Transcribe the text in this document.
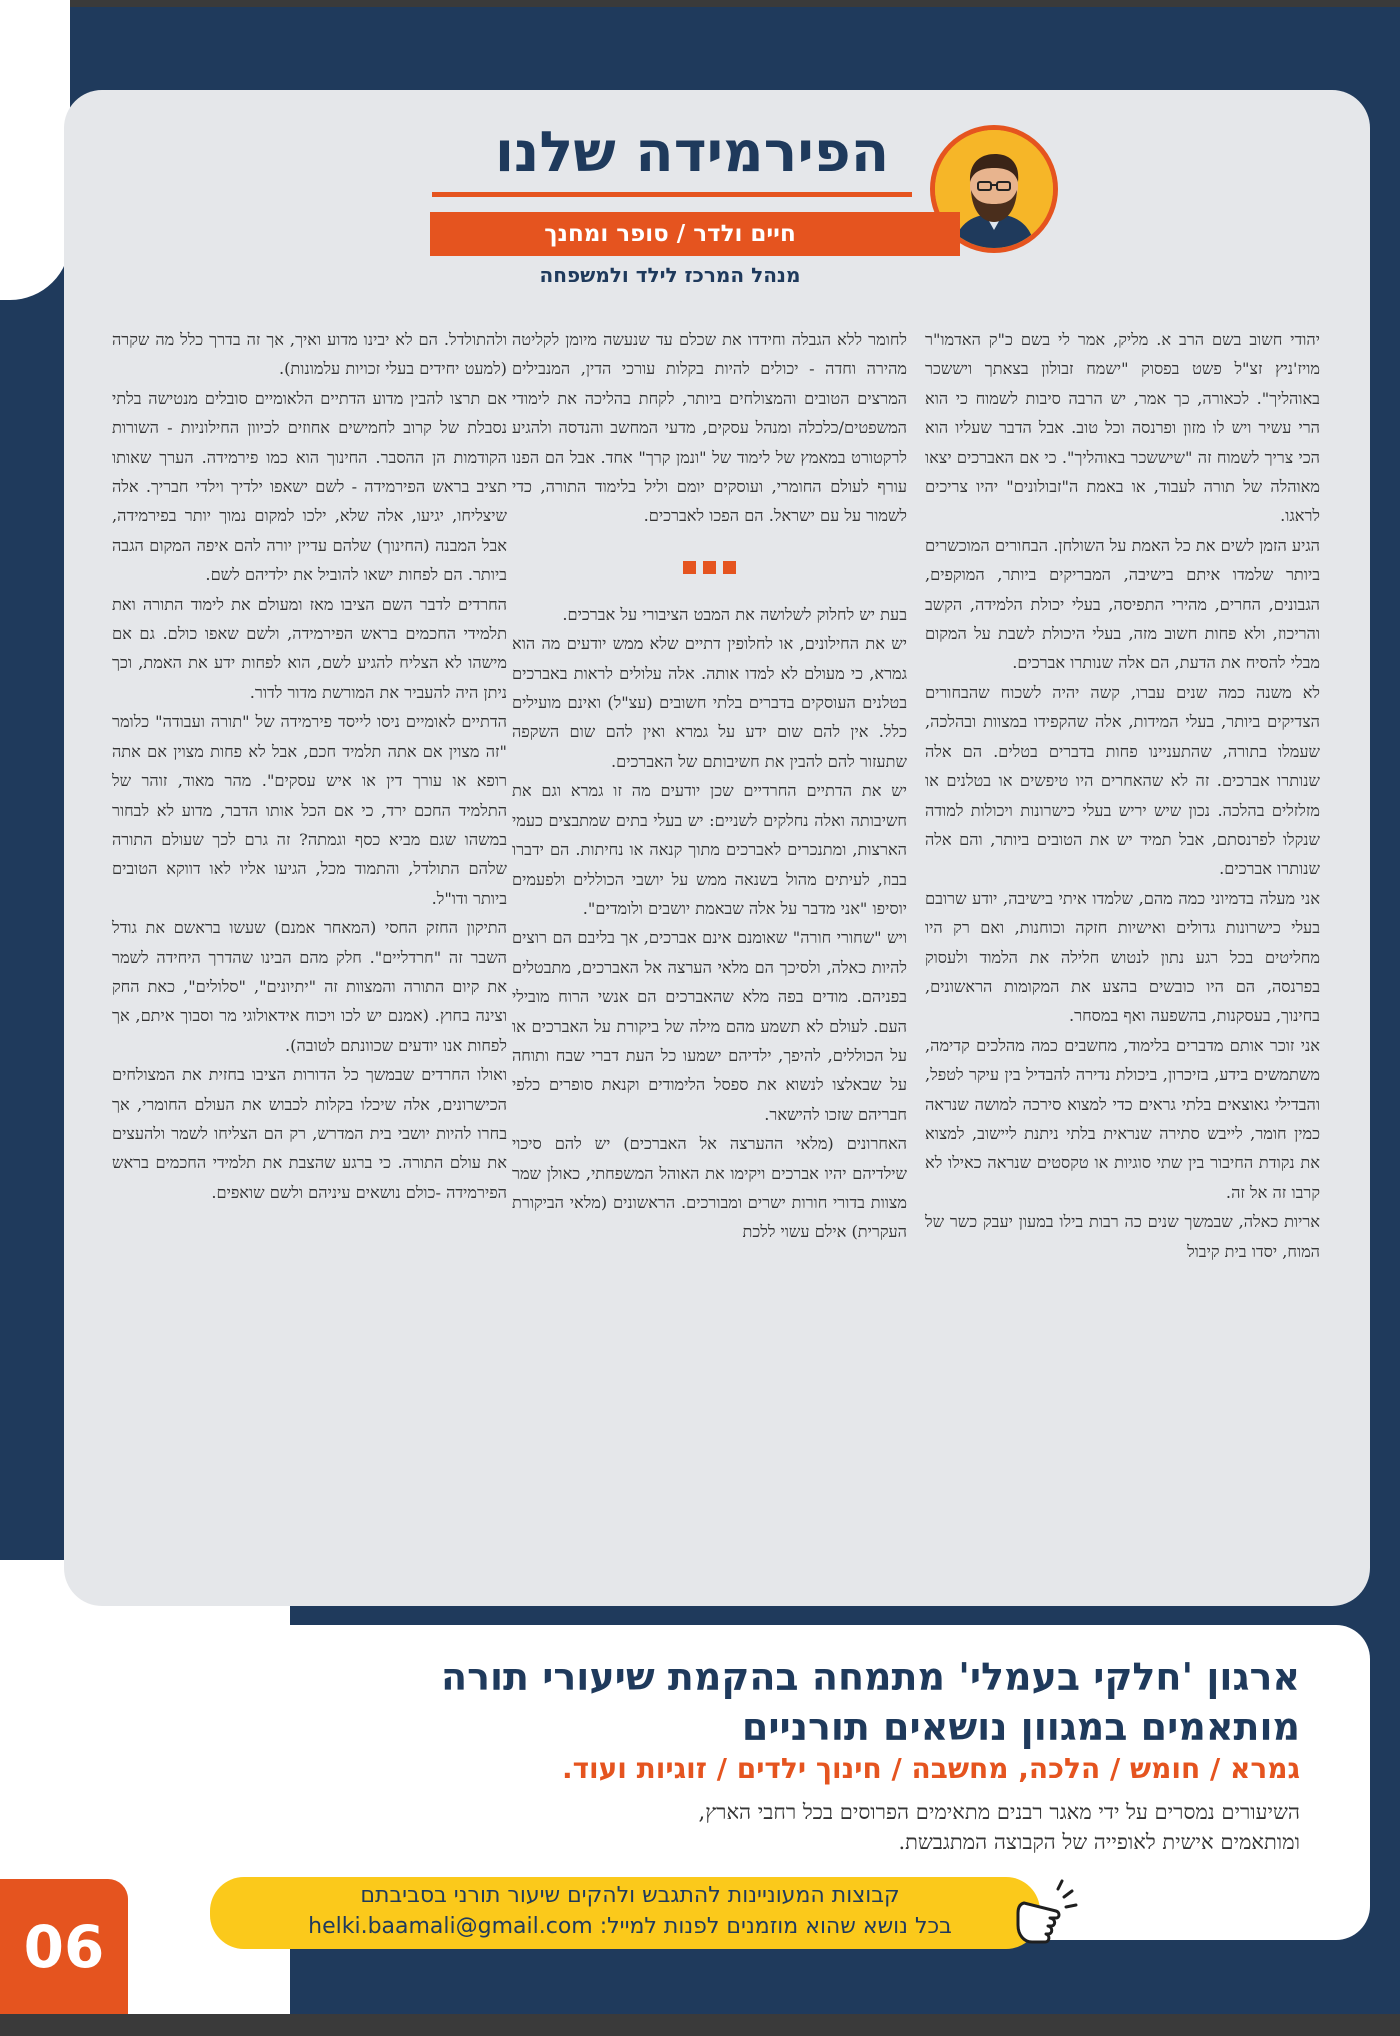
הפירמידה שלנו
חיים ולדר / סופר ומחנך
מנהל המרכז לילד ולמשפחה

יהודי חשוב בשם הרב א. מליק, אמר לי בשם כ"ק האדמו"ר מויז'ניץ זצ"ל פשט בפסוק "ישמח זבולון בצאתך ויששכר באוהליך". לכאורה, כך אמר, יש הרבה סיבות לשמוח כי הוא הרי עשיר ויש לו מזון ופרנסה וכל טוב. אבל הדבר שעליו הוא הכי צריך לשמוח זה "שיששכר באוהליך". כי אם האברכים יצאו מאוהלה של תורה לעבוד, או באמת ה"זבולונים" יהיו צריכים לראגו.

הגיע הזמן לשים את כל האמת על השולחן. הבחורים המוכשרים ביותר שלמדו איתם בישיבה, המבריקים ביותר, המוקפים, הגבונים, החרים, מהירי התפיסה, בעלי יכולת הלמידה, הקשב והריכוז, ולא פחות חשוב מזה, בעלי היכולת לשבת על המקום מבלי להסיח את הדעת, הם אלה שנותרו אברכים.

לא משנה כמה שנים עברו, קשה יהיה לשכוח שהבחורים הצדיקים ביותר, בעלי המידות, אלה שהקפידו במצוות ובהלכה, שעמלו בתורה, שהתעניינו פחות בדברים בטלים. הם אלה שנותרו אברכים. זה לא שהאחרים היו טיפשים או בטלנים או מזלזלים בהלכה. נכון שיש יריש בעלי כישרונות ויכולות למודה שנקלו לפרנסתם, אבל תמיד יש את הטובים ביותר, והם אלה שנותרו אברכים.

אני מעלה בדמיוני כמה מהם, שלמדו איתי בישיבה, יודע שרובם בעלי כישרונות גדולים ואישיות חזקה וכוחנות, ואם רק היו מחליטים בכל רגע נתון לנטוש חלילה את הלמוד ולעסוק בפרנסה, הם היו כובשים בהצע את המקומות הראשונים, בחינוך, בעסקנות, בהשפעה ואף במסחר.

אני זוכר אותם מדברים בלימוד, מחשבים כמה מהלכים קדימה, משתמשים בידע, בזיכרון, ביכולת נדירה להבדיל בין עיקר לטפל, והבדילי גאוצאים בלתי גראים כדי למצוא סירכה למושה שנראה כמין חומר, לייבש סתירה שנראית בלתי ניתנת ליישוב, למצוא את נקודת החיבור בין שתי סוגיות או טקסטים שנראה כאילו לא קרבו זה אל זה.

אריות כאלה, שבמשך שנים כה רבות בילו במעון יעבק כשר של המוח, יסדו בית קיבול

לחומר ללא הגבלה וחידדו את שכלם עד שנעשה מיומן לקליטה מהירה וחדה - יכולים להיות בקלות עורכי הדין, המנבילים המרצים הטובים והמצולחים ביותר, לקחת בהליכה את לימודי המשפטים/כלכלה ומנהל עסקים, מדעי המחשב והנדסה ולהגיע לרקטורט במאמץ של לימוד של "ונמן קרך" אחד. אבל הם הפנו עורף לעולם החומרי, ועוסקים יומם וליל בלימוד התורה, כדי לשמור על עם ישראל. הם הפכו לאברכים.

בעת יש לחלוק לשלושה את המבט הציבורי על אברכים.

יש את החילונים, או לחלופין דתיים שלא ממש יודעים מה הוא גמרא, כי מעולם לא למדו אותה. אלה עלולים לראות באברכים בטלנים העוסקים בדברים בלתי חשובים (עצ"ל) ואינם מועילים כלל. אין להם שום ידע על גמרא ואין להם שום השקפה שתעזור להם להבין את חשיבותם של האברכים.

יש את הדתיים החרדיים שכן יודעים מה זו גמרא וגם את חשיבותה ואלה נחלקים לשניים: יש בעלי בתים שמתבצים כעמי הארצות, ומתנכרים לאברכים מתוך קנאה או נחיתות. הם ידברו בבוז, לעיתים מהול בשנאה ממש על יושבי הכוללים ולפעמים יוסיפו "אני מדבר על אלה שבאמת יושבים ולומדים".

ויש "שחורי חורה" שאומנם אינם אברכים, אך בליבם הם רוצים להיות כאלה, ולסיכך הם מלאי הערצה אל האברכים, מתבטלים בפניהם. מודים בפה מלא שהאברכים הם אנשי הרוח מובילי העם. לעולם לא תשמע מהם מילה של ביקורת על האברכים או על הכוללים, להיפך, ילדיהם ישמעו כל העת דברי שבח ותוחה על שבאלצו לנשוא את ספסל הלימודים וקנאת סופרים כלפי חבריהם שזכו להישאר.

האחרונים (מלאי ההערצה אל האברכים) יש להם סיכוי שילדיהם יהיו אברכים ויקימו את האוהל המשפחתי, כאולן שמר מצוות בדורי חורות ישרים ומבורכים. הראשונים (מלאי הביקורת העקרית) אילם עשוי ללכת

ולהתולדל. הם לא יבינו מדוע ואיך, אך זה בדרך כלל מה שקרה (למעט יחידים בעלי זכויות עלמונות).

אם תרצו להבין מדוע הדתיים הלאומיים סובלים מנטישה בלתי נסבלת של קרוב לחמישים אחוזים לכיוון החילוניות - השורות הקודמות הן ההסבר. החינוך הוא כמו פירמידה. הערך שאותו תציב בראש הפירמידה - לשם ישאפו ילדיך וילדי חבריך. אלה שיצליחו, יגיעו, אלה שלא, ילכו למקום נמוך יותר בפירמידה, אבל המבנה (החינוך) שלהם עדיין יורה להם איפה המקום הגבה ביותר. הם לפחות ישאו להוביל את ילדיהם לשם.

החרדים לדבר השם הציבו מאז ומעולם את לימוד התורה ואת תלמידי החכמים בראש הפירמידה, ולשם שאפו כולם. גם אם מישהו לא הצליח להגיע לשם, הוא לפחות ידע את האמת, וכך ניתן היה להעביר את המורשת מדור לדור.

הדתיים לאומיים ניסו לייסד פירמידה של "תורה ועבודה" כלומר "זה מצוין אם אתה תלמיד חכם, אבל לא פחות מצוין אם אתה רופא או עורך דין או איש עסקים". מהר מאוד, זוהר של התלמיד החכם ירד, כי אם הכל אותו הדבר, מדוע לא לבחור במשהו שגם מביא כסף וגמתה? זה גרם לכך שעולם התורה שלהם התולדל, והתמוד מכל, הגיעו אליו לאו דווקא הטובים ביותר ודו"ל.

התיקון החזק החסי (המאחר אמנם) שעשו בראשם את גודל השבר זה "חרדליים". חלק מהם הבינו שהדרך היחידה לשמר את קיום התורה והמצוות זה "יתיונים", "סלולים", כאת החק וצינה בחוץ. (אמנם יש לכו ויכוח אידאולוגי מר וסבוך איתם, אך לפחות אנו יודעים שכוונתם לטובה).

ואולו החרדים שבמשך כל הדורות הציבו בחזית את המצולחים הכישרונים, אלה שיכלו בקלות לכבוש את העולם החומרי, אך בחרו להיות יושבי בית המדרש, רק הם הצליחו לשמר ולהעצים את עולם התורה. כי ברגע שהצבת את תלמידי החכמים בראש הפירמידה -כולם נושאים עיניהם ולשם שואפים.

ארגון 'חלקי בעמלי' מתמחה בהקמת שיעורי תורה
מותאמים במגוון נושאים תורניים
גמרא / חומש / הלכה, מחשבה / חינוך ילדים / זוגיות ועוד.
השיעורים נמסרים על ידי מאגר רבנים מתאימים הפרוסים בכל רחבי הארץ,
ומותאמים אישית לאופייה של הקבוצה המתגבשת.
קבוצות המעוניינות להתגבש ולהקים שיעור תורני בסביבתם
בכל נושא שהוא מוזמנים לפנות למייל: helki.baamali@gmail.com
06
